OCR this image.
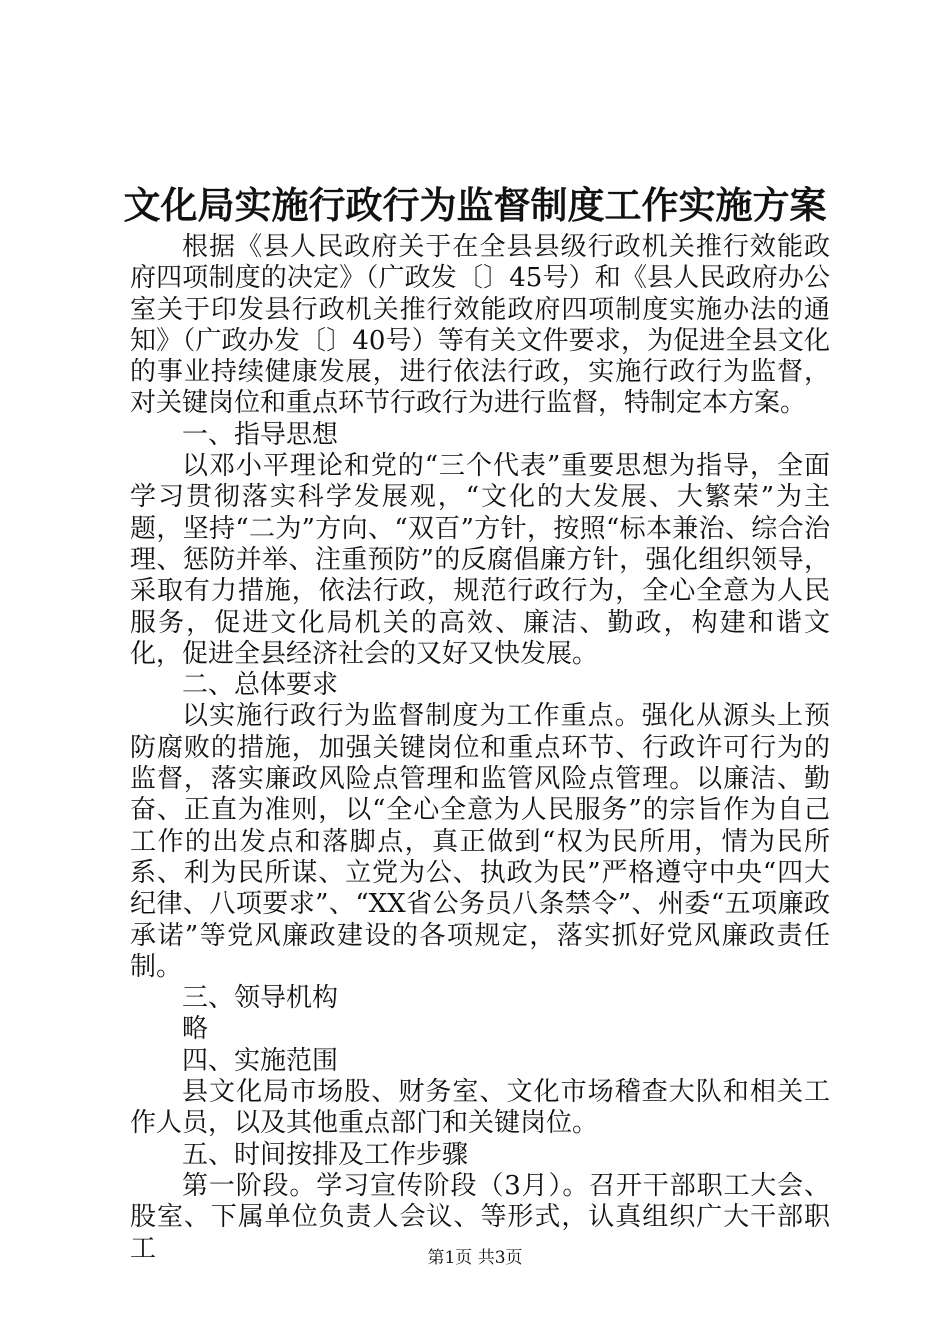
文化局实施行政行为监督制度工作实施方案

根据《县人民政府关于在全县县级行政机关推行效能政府四项制度的决定》（广政发〔〕45号）和《县人民政府办公室关于印发县行政机关推行效能政府四项制度实施办法的通知》（广政办发〔〕40号）等有关文件要求，为促进全县文化的事业持续健康发展，进行依法行政，实施行政行为监督，对关键岗位和重点环节行政行为进行监督，特制定本方案。

一、指导思想

以邓小平理论和党的“三个代表”重要思想为指导，全面学习贯彻落实科学发展观，“文化的大发展、大繁荣”为主题，坚持“二为”方向、“双百”方针，按照“标本兼治、综合治理、惩防并举、注重预防”的反腐倡廉方针，强化组织领导，采取有力措施，依法行政，规范行政行为，全心全意为人民服务，促进文化局机关的高效、廉洁、勤政，构建和谐文化，促进全县经济社会的又好又快发展。

二、总体要求

以实施行政行为监督制度为工作重点。强化从源头上预防腐败的措施，加强关键岗位和重点环节、行政许可行为的监督，落实廉政风险点管理和监管风险点管理。以廉洁、勤奋、正直为准则，以“全心全意为人民服务”的宗旨作为自己工作的出发点和落脚点，真正做到“权为民所用，情为民所系、利为民所谋、立党为公、执政为民”严格遵守中央“四大纪律、八项要求”、“XX省公务员八条禁令”、州委“五项廉政承诺”等党风廉政建设的各项规定，落实抓好党风廉政责任制。

三、领导机构

略

四、实施范围

县文化局市场股、财务室、文化市场稽查大队和相关工作人员，以及其他重点部门和关键岗位。

五、时间按排及工作步骤

第一阶段。学习宣传阶段（3月）。召开干部职工大会、股室、下属单位负责人会议、等形式，认真组织广大干部职工	第1页 共3页
